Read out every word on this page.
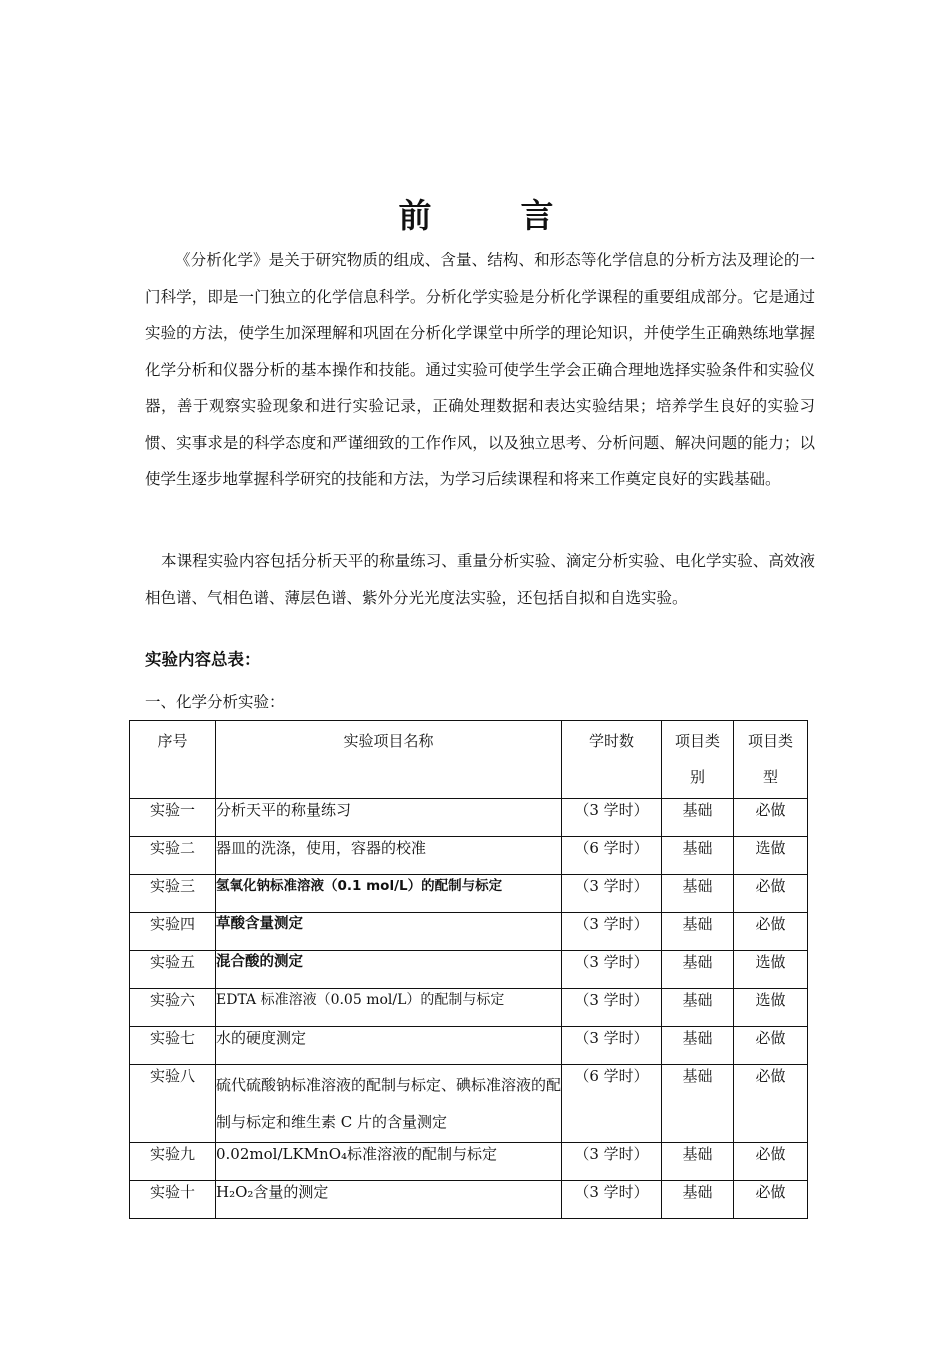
前　言

《分析化学》是关于研究物质的组成、含量、结构、和形态等化学信息的分析方法及理论的一门科学，即是一门独立的化学信息科学。分析化学实验是分析化学课程的重要组成部分。它是通过实验的方法，使学生加深理解和巩固在分析化学课堂中所学的理论知识，并使学生正确熟练地掌握化学分析和仪器分析的基本操作和技能。通过实验可使学生学会正确合理地选择实验条件和实验仪器，善于观察实验现象和进行实验记录，正确处理数据和表达实验结果；培养学生良好的实验习惯、实事求是的科学态度和严谨细致的工作作风，以及独立思考、分析问题、解决问题的能力；以使学生逐步地掌握科学研究的技能和方法，为学习后续课程和将来工作奠定良好的实践基础。

本课程实验内容包括分析天平的称量练习、重量分析实验、滴定分析实验、电化学实验、高效液相色谱、气相色谱、薄层色谱、紫外分光光度法实验，还包括自拟和自选实验。

实验内容总表：
一、化学分析实验：
序号	实验项目名称	学时数	项目类别	项目类型
实验一	分析天平的称量练习	（3 学时）	基础	必做
实验二	器皿的洗涤，使用，容器的校准	（6 学时）	基础	选做
实验三	氢氧化钠标准溶液（0.1 mol/L）的配制与标定	（3 学时）	基础	必做
实验四	草酸含量测定	（3 学时）	基础	必做
实验五	混合酸的测定	（3 学时）	基础	选做
实验六	EDTA 标准溶液（0.05 mol/L）的配制与标定	（3 学时）	基础	选做
实验七	水的硬度测定	（3 学时）	基础	必做
实验八	硫代硫酸钠标准溶液的配制与标定、碘标准溶液的配制与标定和维生素 C 片的含量测定	（6 学时）	基础	必做
实验九	0.02mol/LKMnO₄标准溶液的配制与标定	（3 学时）	基础	必做
实验十	H₂O₂含量的测定	（3 学时）	基础	必做
